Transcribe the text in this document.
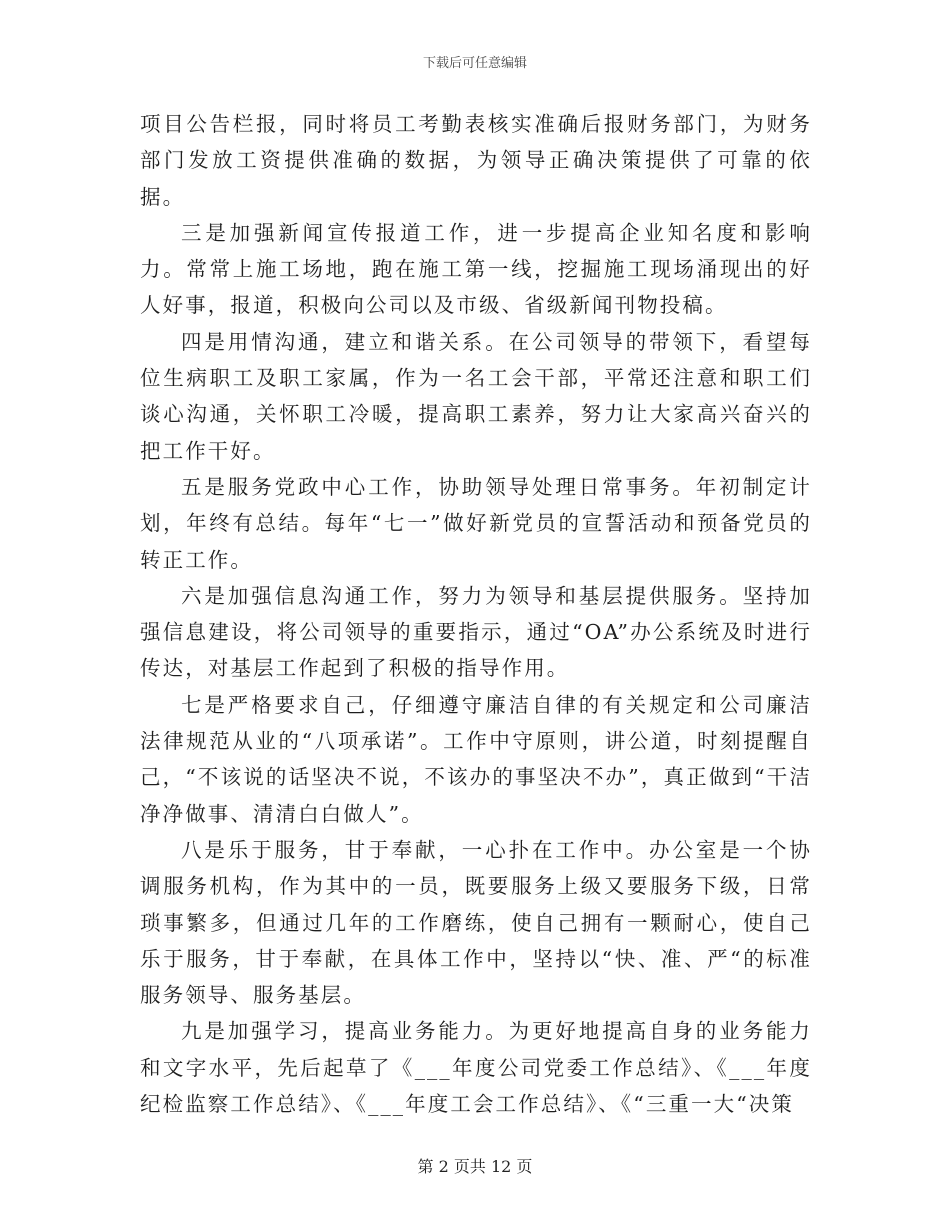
下载后可任意编辑

项目公告栏报，同时将员工考勤表核实准确后报财务部门，为财务部门发放工资提供准确的数据，为领导正确决策提供了可靠的依据。

三是加强新闻宣传报道工作，进一步提高企业知名度和影响力。常常上施工场地，跑在施工第一线，挖掘施工现场涌现出的好人好事，报道，积极向公司以及市级、省级新闻刊物投稿。

四是用情沟通，建立和谐关系。在公司领导的带领下，看望每位生病职工及职工家属，作为一名工会干部，平常还注意和职工们谈心沟通，关怀职工冷暖，提高职工素养，努力让大家高兴奋兴的把工作干好。

五是服务党政中心工作，协助领导处理日常事务。年初制定计划，年终有总结。每年“七一”做好新党员的宣誓活动和预备党员的转正工作。

六是加强信息沟通工作，努力为领导和基层提供服务。坚持加强信息建设，将公司领导的重要指示，通过“OA”办公系统及时进行传达，对基层工作起到了积极的指导作用。

七是严格要求自己，仔细遵守廉洁自律的有关规定和公司廉洁法律规范从业的“八项承诺”。工作中守原则，讲公道，时刻提醒自己，“不该说的话坚决不说，不该办的事坚决不办”，真正做到“干洁净净做事、清清白白做人”。

八是乐于服务，甘于奉献，一心扑在工作中。办公室是一个协调服务机构，作为其中的一员，既要服务上级又要服务下级，日常琐事繁多，但通过几年的工作磨练，使自己拥有一颗耐心，使自己乐于服务，甘于奉献，在具体工作中，坚持以“快、准、严“的标准服务领导、服务基层。

九是加强学习，提高业务能力。为更好地提高自身的业务能力和文字水平，先后起草了《___年度公司党委工作总结》、《___年度纪检监察工作总结》、《___年度工会工作总结》、《“三重一大“决策

第 2 页共 12 页
